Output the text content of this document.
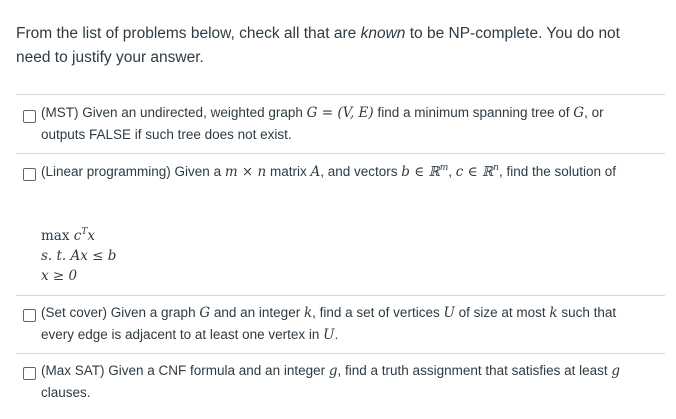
From the list of problems below, check all that are known to be NP-complete. You do not need to justify your answer.
(MST) Given an undirected, weighted graph G = (V, E) find a minimum spanning tree of G, or outputs FALSE if such tree does not exist.
(Linear programming) Given a m × n matrix A, and vectors b ∈ ℝ$^m$, c ∈ ℝ$^n$, find the solution of
$\max c^Tx$
s. t. Ax ≤ b
x ≥ 0
(Set cover) Given a graph G and an integer k, find a set of vertices U of size at most k such that every edge is adjacent to at least one vertex in U.
(Max SAT) Given a CNF formula and an integer g, find a truth assignment that satisfies at least g clauses.
